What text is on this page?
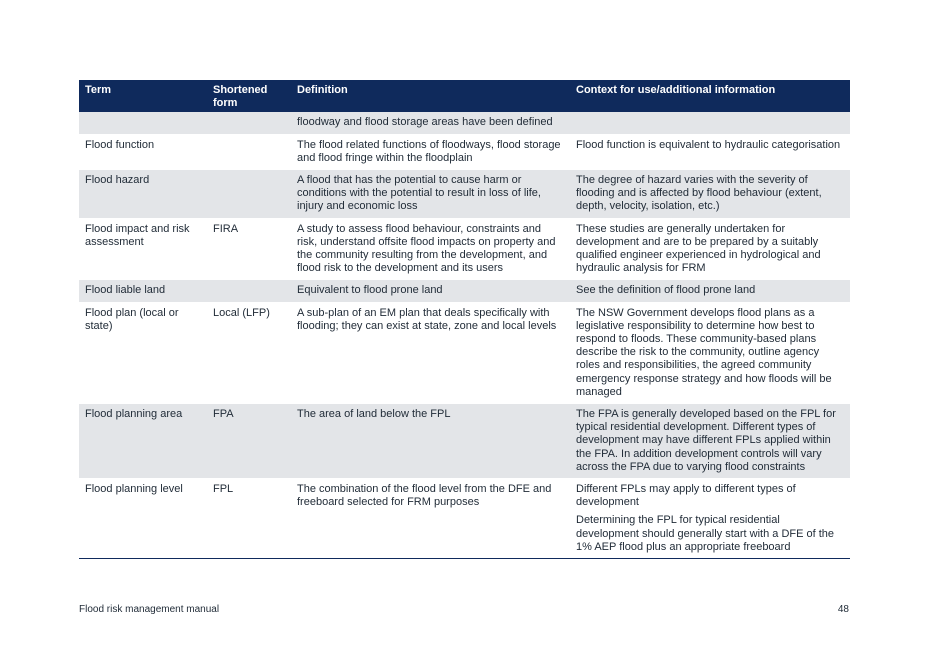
Term	Shortened form	Definition	Context for use/additional information
		floodway and flood storage areas have been defined	

Flood function		The flood related functions of floodways, flood storage and flood fringe within the floodplain	Flood function is equivalent to hydraulic categorisation

Flood hazard		A flood that has the potential to cause harm or conditions with the potential to result in loss of life, injury and economic loss	The degree of hazard varies with the severity of flooding and is affected by flood behaviour (extent, depth, velocity, isolation, etc.)

Flood impact and risk assessment	FIRA	A study to assess flood behaviour, constraints and risk, understand offsite flood impacts on property and the community resulting from the development, and flood risk to the development and its users	These studies are generally undertaken for development and are to be prepared by a suitably qualified engineer experienced in hydrological and hydraulic analysis for FRM

Flood liable land		Equivalent to flood prone land	See the definition of flood prone land

Flood plan (local or state)	Local (LFP)	A sub-plan of an EM plan that deals specifically with flooding; they can exist at state, zone and local levels	The NSW Government develops flood plans as a legislative responsibility to determine how best to respond to floods. These community-based plans describe the risk to the community, outline agency roles and responsibilities, the agreed community emergency response strategy and how floods will be managed

Flood planning area	FPA	The area of land below the FPL	The FPA is generally developed based on the FPL for typical residential development. Different types of development may have different FPLs applied within the FPA. In addition development controls will vary across the FPA due to varying flood constraints

Flood planning level	FPL	The combination of the flood level from the DFE and freeboard selected for FRM purposes	Different FPLs may apply to different types of development
Determining the FPL for typical residential development should generally start with a DFE of the 1% AEP flood plus an appropriate freeboard
Flood risk management manual	48
